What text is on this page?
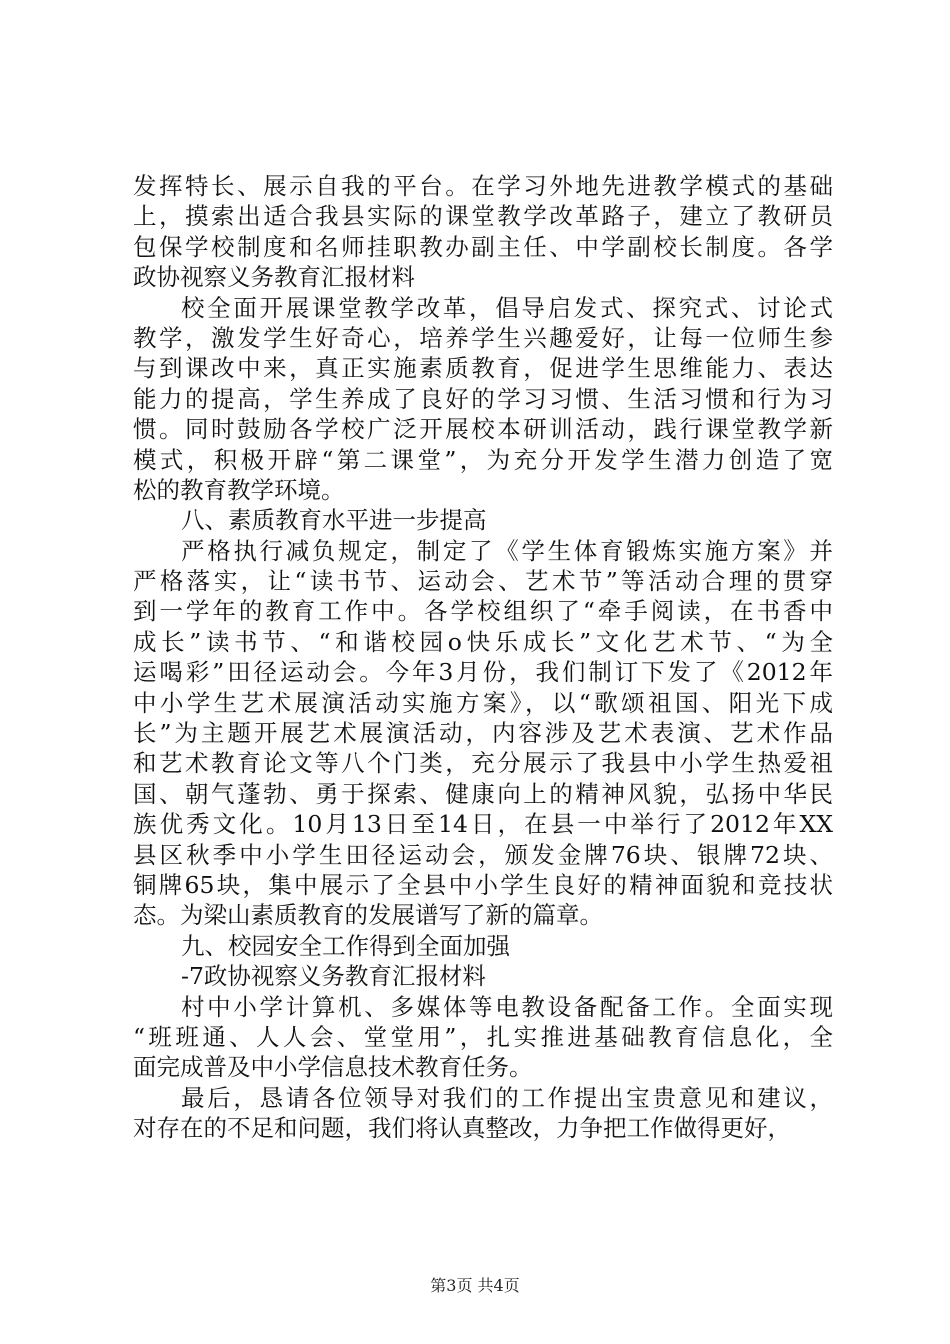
发挥特长、展示自我的平台。在学习外地先进教学模式的基础
上，摸索出适合我县实际的课堂教学改革路子，建立了教研员
包保学校制度和名师挂职教办副主任、中学副校长制度。各学
政协视察义务教育汇报材料
校全面开展课堂教学改革，倡导启发式、探究式、讨论式
教学，激发学生好奇心，培养学生兴趣爱好，让每一位师生参
与到课改中来，真正实施素质教育，促进学生思维能力、表达
能力的提高，学生养成了良好的学习习惯、生活习惯和行为习
惯。同时鼓励各学校广泛开展校本研训活动，践行课堂教学新
模式，积极开辟“第二课堂”，为充分开发学生潜力创造了宽
松的教育教学环境。
八、素质教育水平进一步提高
严格执行减负规定，制定了《学生体育锻炼实施方案》并
严格落实，让“读书节、运动会、艺术节”等活动合理的贯穿
到一学年的教育工作中。各学校组织了“牵手阅读，在书香中
成长”读书节、“和谐校园o快乐成长”文化艺术节、“为全
运喝彩”田径运动会。今年3月份，我们制订下发了《2012年
中小学生艺术展演活动实施方案》，以“歌颂祖国、阳光下成
长”为主题开展艺术展演活动，内容涉及艺术表演、艺术作品
和艺术教育论文等八个门类，充分展示了我县中小学生热爱祖
国、朝气蓬勃、勇于探索、健康向上的精神风貌，弘扬中华民
族优秀文化。10月13日至14日，在县一中举行了2012年XX
县区秋季中小学生田径运动会，颁发金牌76块、银牌72块、
铜牌65块，集中展示了全县中小学生良好的精神面貌和竞技状
态。为梁山素质教育的发展谱写了新的篇章。
九、校园安全工作得到全面加强
-7政协视察义务教育汇报材料
村中小学计算机、多媒体等电教设备配备工作。全面实现
“班班通、人人会、堂堂用”，扎实推进基础教育信息化，全
面完成普及中小学信息技术教育任务。
最后，恳请各位领导对我们的工作提出宝贵意见和建议，
对存在的不足和问题，我们将认真整改，力争把工作做得更好，
第3页 共4页
